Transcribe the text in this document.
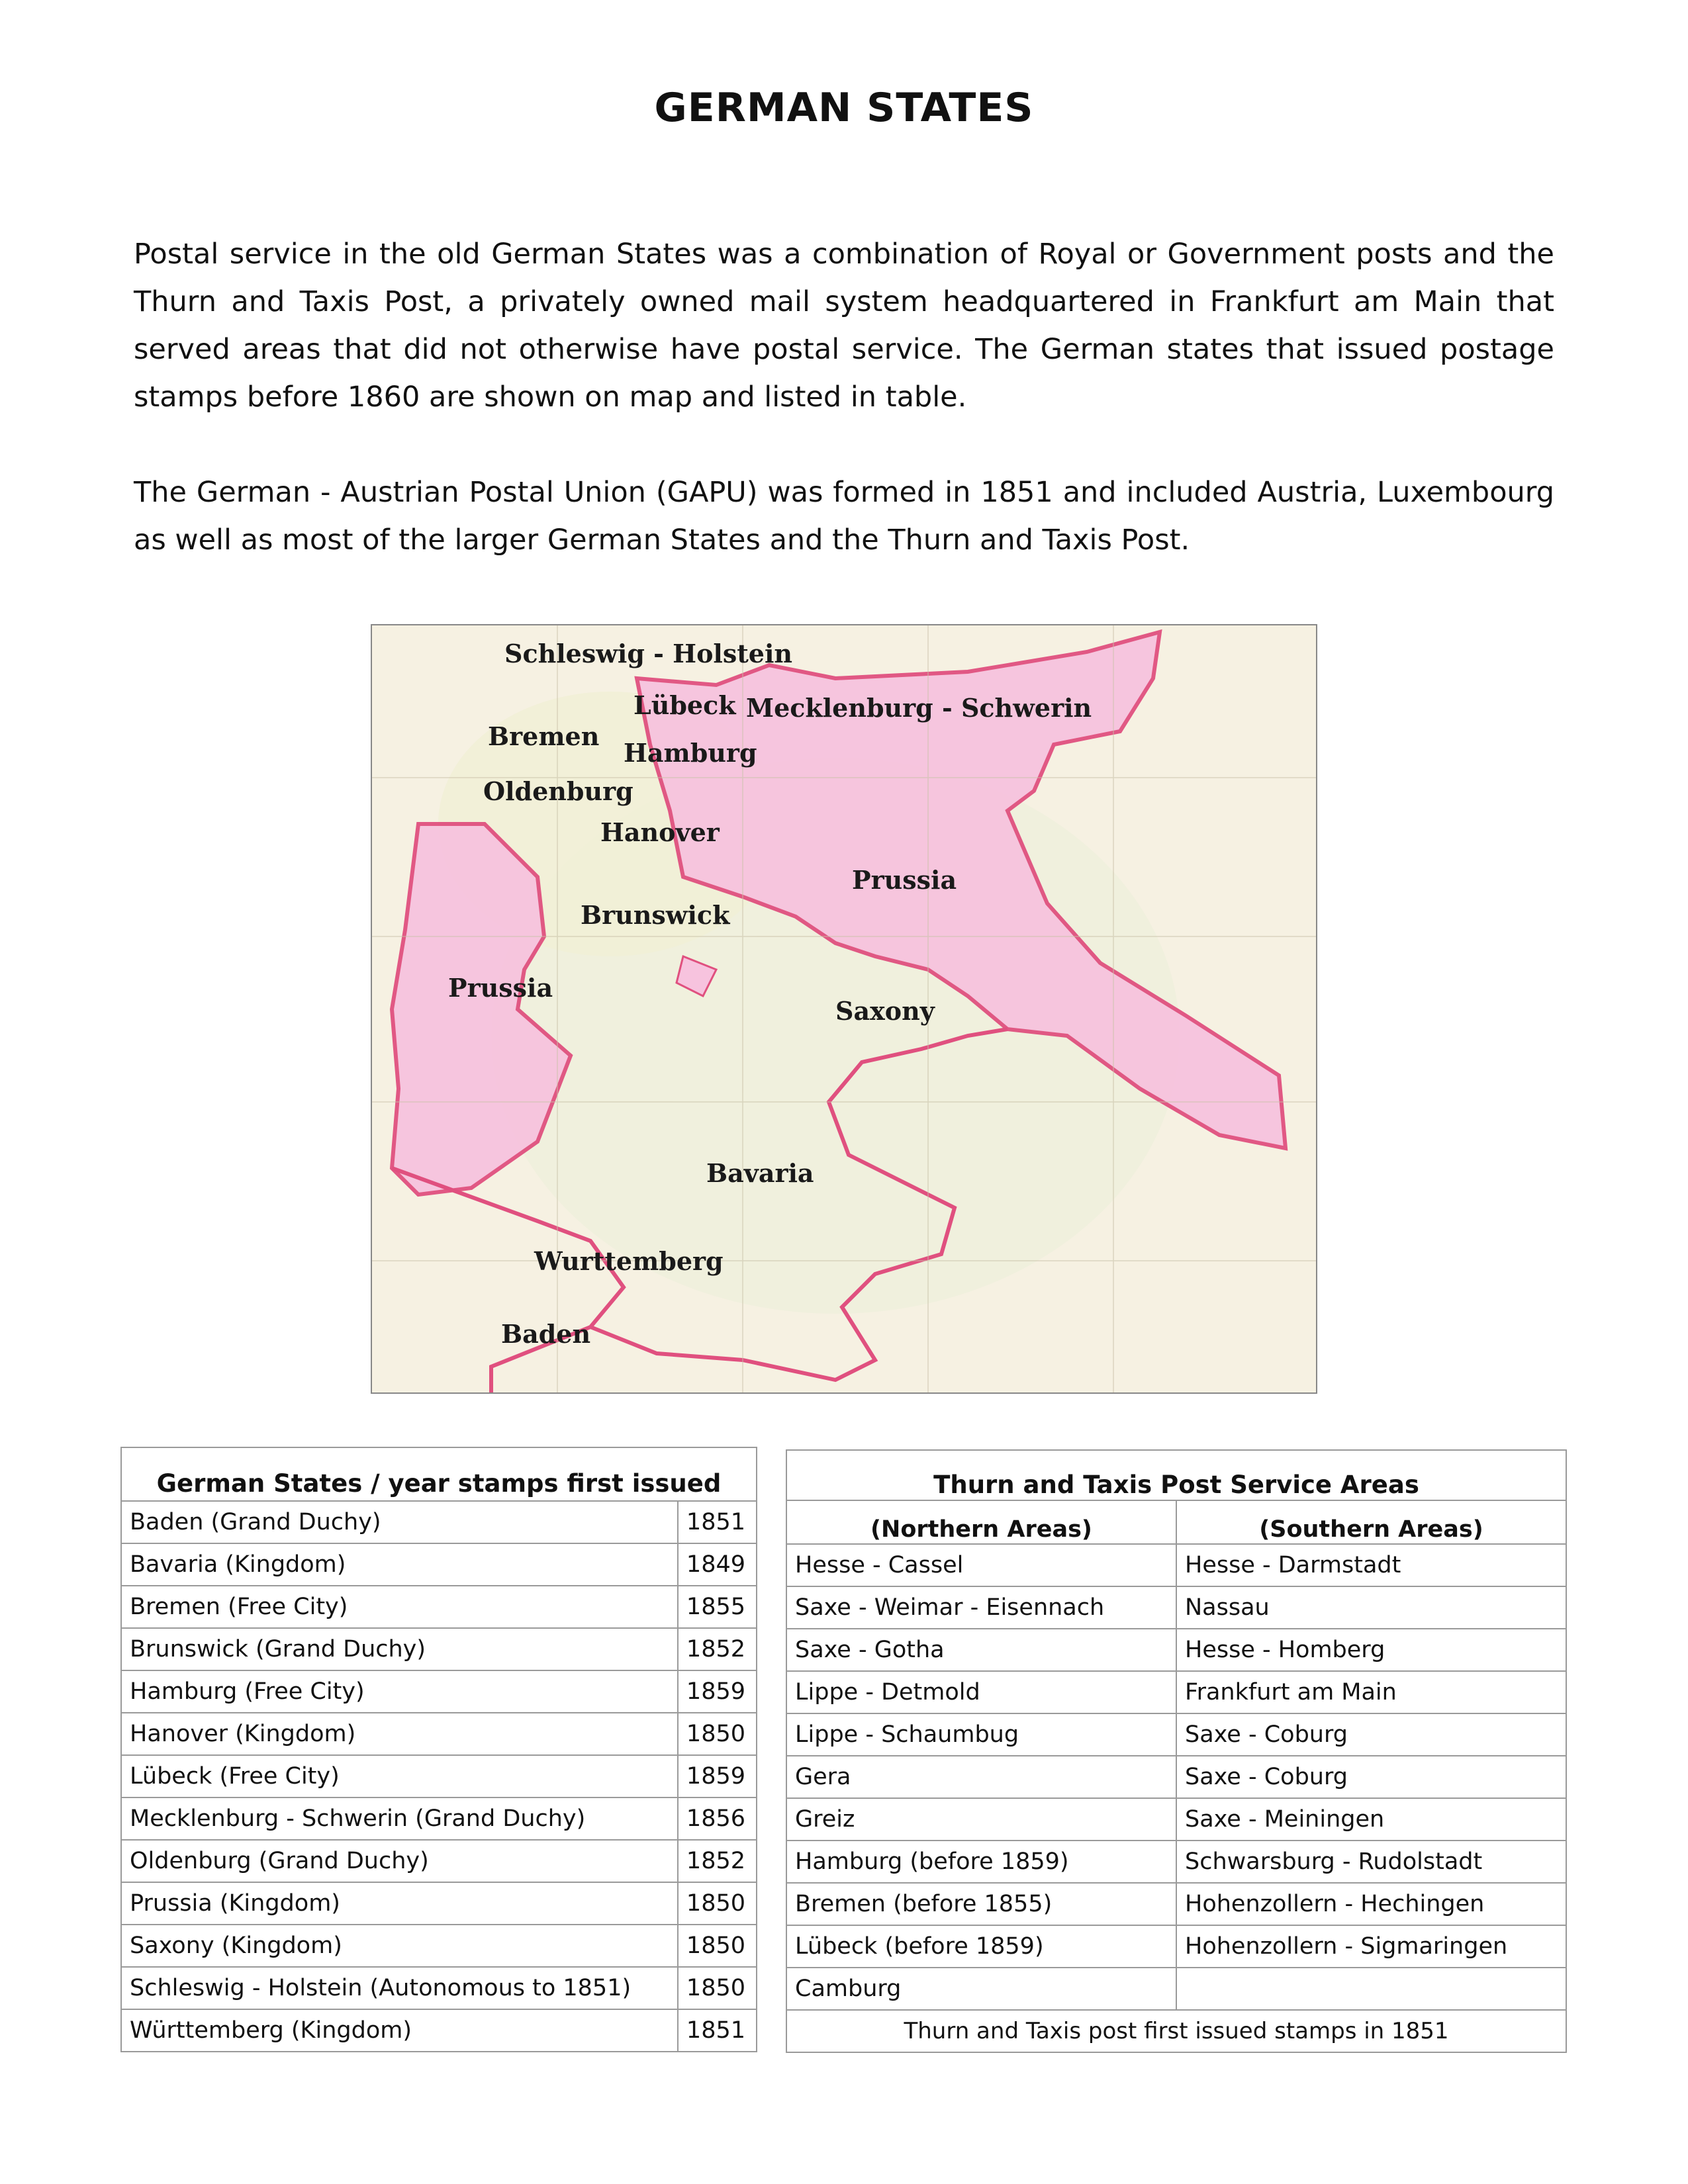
GERMAN STATES

Postal service in the old German States was a combination of Royal or Government posts and the Thurn and Taxis Post, a privately owned mail system headquartered in Frankfurt am Main that served areas that did not otherwise have postal service. The German states that issued postage stamps before 1860 are shown on map and listed in table.

The German - Austrian Postal Union (GAPU) was formed in 1851 and included Austria, Luxembourg as well as most of the larger German States and the Thurn and Taxis Post.

Schleswig - Holstein
Lübeck Mecklenburg - Schwerin
Bremen
Hamburg
Oldenburg
Hanover
Prussia
Brunswick
Prussia
Saxony
Bavaria
Wurttemberg
Baden
German States / year stamps first issued	
Baden (Grand Duchy)	1851
Bavaria (Kingdom)	1849
Bremen (Free City)	1855
Brunswick (Grand Duchy)	1852
Hamburg (Free City)	1859
Hanover (Kingdom)	1850
Lübeck (Free City)	1859
Mecklenburg - Schwerin (Grand Duchy)	1856
Oldenburg (Grand Duchy)	1852
Prussia (Kingdom)	1850
Saxony (Kingdom)	1850
Schleswig - Holstein (Autonomous to 1851)	1850
Württemberg (Kingdom)	1851
Thurn and Taxis Post Service Areas	
(Northern Areas)	(Southern Areas)
Hesse - Cassel	Hesse - Darmstadt
Saxe - Weimar - Eisennach	Nassau
Saxe - Gotha	Hesse - Homberg
Lippe - Detmold	Frankfurt am Main
Lippe - Schaumbug	Saxe - Coburg
Gera	Saxe - Coburg
Greiz	Saxe - Meiningen
Hamburg (before 1859)	Schwarsburg - Rudolstadt
Bremen (before 1855)	Hohenzollern - Hechingen
Lübeck (before 1859)	Hohenzollern - Sigmaringen
Camburg	
Thurn and Taxis post first issued stamps in 1851	
